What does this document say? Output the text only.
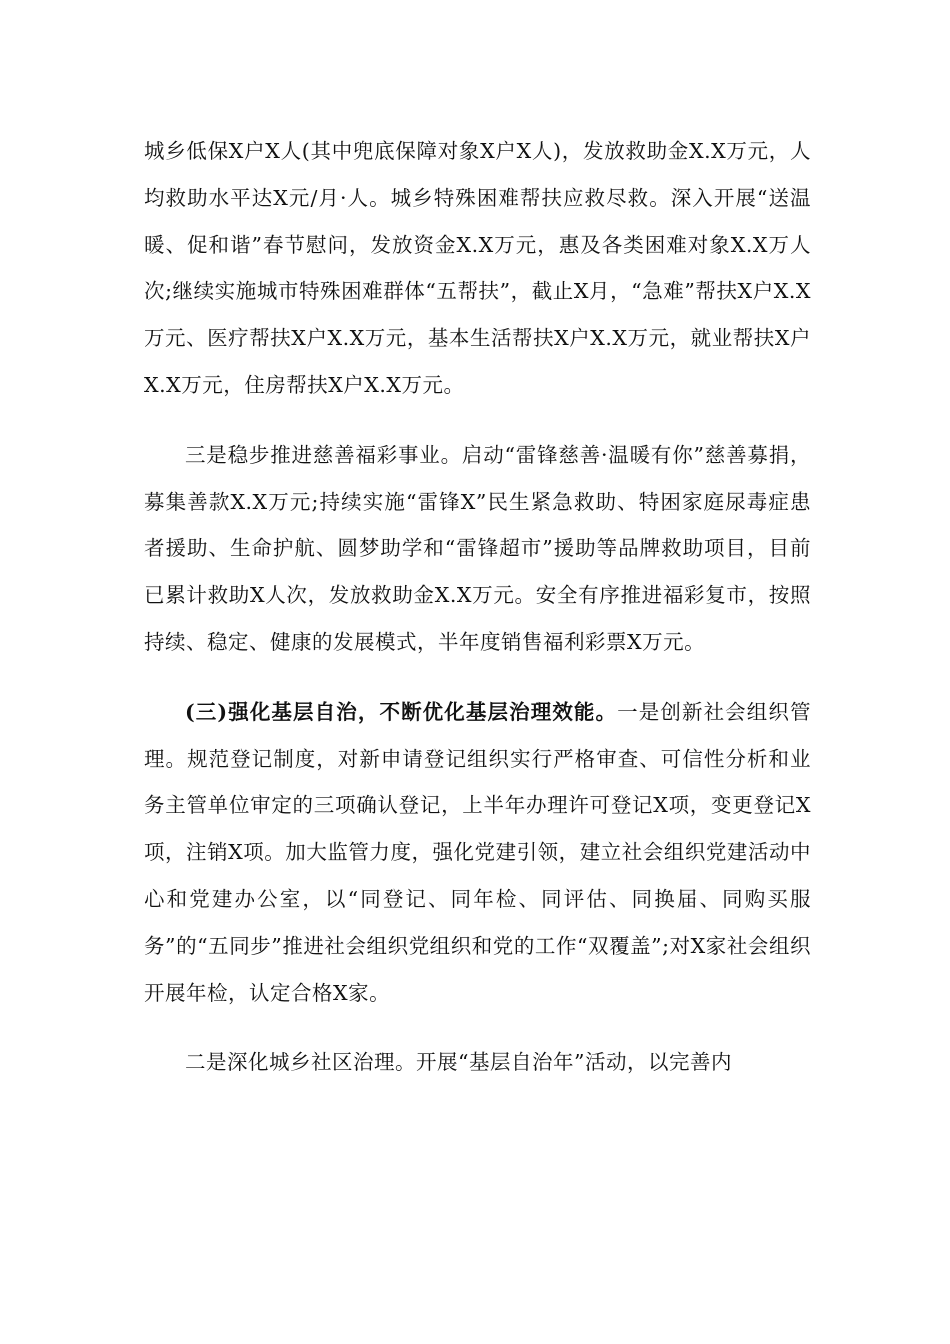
城乡低保X户X人(其中兜底保障对象X户X人)，发放救助金X.X万元，人均救助水平达X元/月·人。城乡特殊困难帮扶应救尽救。深入开展“送温暖、促和谐”春节慰问，发放资金X.X万元，惠及各类困难对象X.X万人次;继续实施城市特殊困难群体“五帮扶”，截止X月，“急难”帮扶X户X.X万元、医疗帮扶X户X.X万元，基本生活帮扶X户X.X万元，就业帮扶X户X.X万元，住房帮扶X户X.X万元。

三是稳步推进慈善福彩事业。启动“雷锋慈善·温暖有你”慈善募捐，募集善款X.X万元;持续实施“雷锋X”民生紧急救助、特困家庭尿毒症患者援助、生命护航、圆梦助学和“雷锋超市”援助等品牌救助项目，目前已累计救助X人次，发放救助金X.X万元。安全有序推进福彩复市，按照持续、稳定、健康的发展模式，半年度销售福利彩票X万元。

(三)强化基层自治，不断优化基层治理效能。一是创新社会组织管理。规范登记制度，对新申请登记组织实行严格审查、可信性分析和业务主管单位审定的三项确认登记，上半年办理许可登记X项，变更登记X项，注销X项。加大监管力度，强化党建引领，建立社会组织党建活动中心和党建办公室，以“同登记、同年检、同评估、同换届、同购买服务”的“五同步”推进社会组织党组织和党的工作“双覆盖”;对X家社会组织开展年检，认定合格X家。

二是深化城乡社区治理。开展“基层自治年”活动，以完善内
